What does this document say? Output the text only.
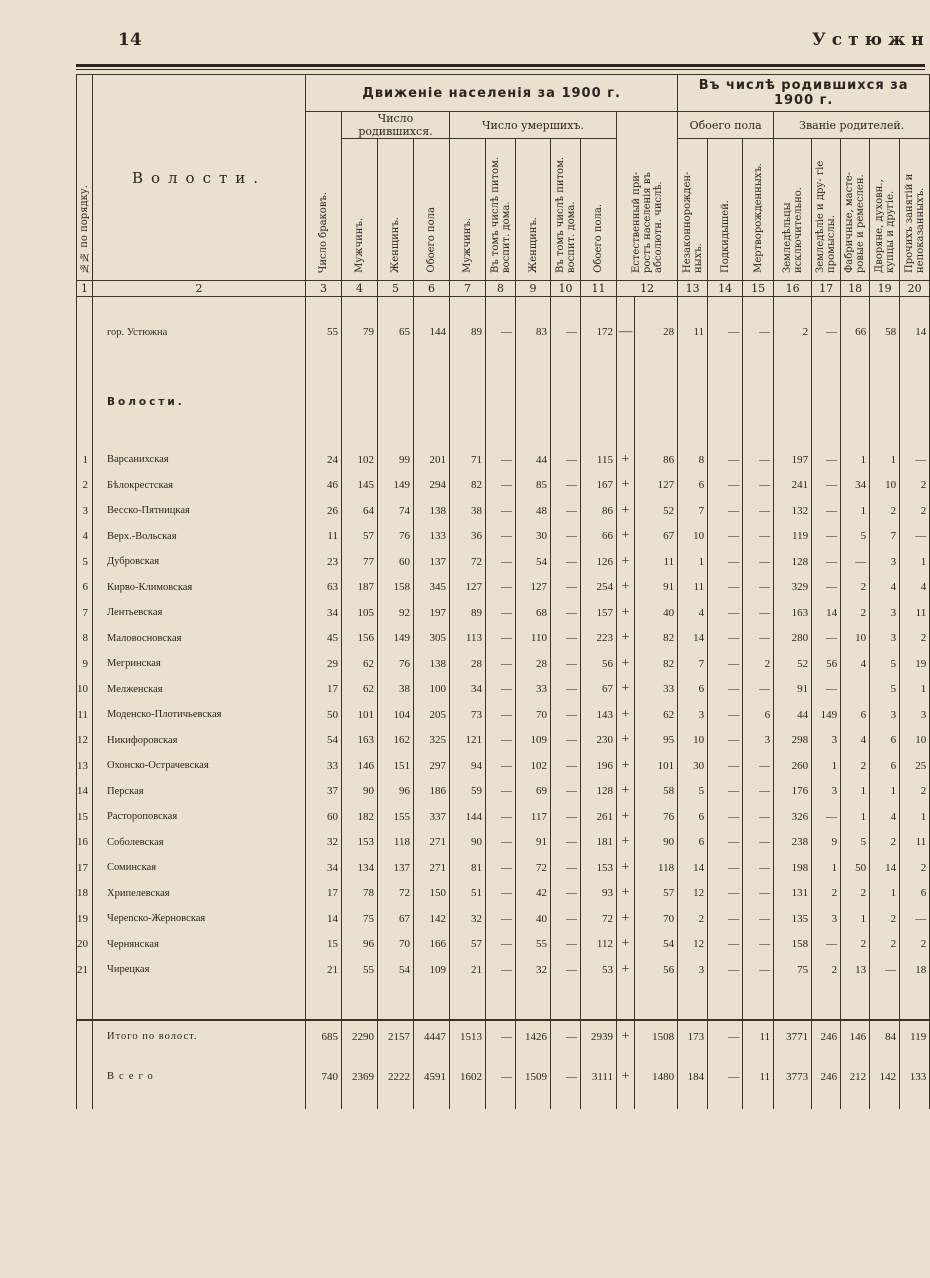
14	Устюжн
№№ по порядку.	Волости.	Движеніе населенія за 1900 г.											Въ числѣ родившихся за 1900 г.							
		Число браковъ.	Число родившихся.			Число умершихъ.					Естественный при- ростъ населенія въ абсолютн. числѣ.		Обоего пола			Званіе родителей.				
			Мужчинъ.	Женщинъ.	Обоего пола	Мужчинъ.	Въ томъ числѣ питом. воспит. дома.	Женщинъ.	Въ томъ числѣ питом. воспит. дома.	Обоего пола.			Незаконнорожден- ныхъ.	Подкидышей.	Мертворожденныхъ.	Земледѣльцы исключительно.	Земледѣліе и дру- гіе промыслы.	Фабричные, масте- ровые и ремеслен.	Дворяне, духовн., купцы и другіе.	Прочихъ занятій и непоказанныхъ.
1	2	3	4	5	6	7	8	9	10	11	12		13	14	15	16	17	18	19	20

	гор. Устюжна	55	79	65	144	89	—	83	—	172	—	28	11	—	—	2	—	66	58	14
	Волости.																			
1	Варсанихская	24	102	99	201	71	—	44	—	115	+	86	8	—	—	197	—	1	1	—
2	Бѣлокрестская	46	145	149	294	82	—	85	—	167	+	127	6	—	—	241	—	34	10	2
3	Весско-Пятницкая	26	64	74	138	38	—	48	—	86	+	52	7	—	—	132	—	1	2	2
4	Верх.-Вольская	11	57	76	133	36	—	30	—	66	+	67	10	—	—	119	—	5	7	—
5	Дубровская	23	77	60	137	72	—	54	—	126	+	11	1	—	—	128	—	—	3	1
6	Кирво-Климовская	63	187	158	345	127	—	127	—	254	+	91	11	—	—	329	—	2	4	4
7	Лентьевская	34	105	92	197	89	—	68	—	157	+	40	4	—	—	163	14	2	3	11
8	Маловосновская	45	156	149	305	113	—	110	—	223	+	82	14	—	—	280	—	10	3	2
9	Мегринская	29	62	76	138	28	—	28	—	56	+	82	7	—	2	52	56	4	5	19
10	Мелженская	17	62	38	100	34	—	33	—	67	+	33	6	—	—	91	—		5	1
11	Моденско-Плотичьевская	50	101	104	205	73	—	70	—	143	+	62	3	—	6	44	149	6	3	3
12	Никифоровская	54	163	162	325	121	—	109	—	230	+	95	10	—	3	298	3	4	6	10
13	Охонско-Острачевская	33	146	151	297	94	—	102	—	196	+	101	30	—	—	260	1	2	6	25
14	Перская	37	90	96	186	59	—	69	—	128	+	58	5	—	—	176	3	1	1	2
15	Растороповская	60	182	155	337	144	—	117	—	261	+	76	6	—	—	326	—	1	4	1
16	Соболевская	32	153	118	271	90	—	91	—	181	+	90	6	—	—	238	9	5	2	11
17	Соминская	34	134	137	271	81	—	72	—	153	+	118	14	—	—	198	1	50	14	2
18	Хрипелевская	17	78	72	150	51	—	42	—	93	+	57	12	—	—	131	2	2	1	6
19	Череnско-Жерновская	14	75	67	142	32	—	40	—	72	+	70	2	—	—	135	3	1	2	—
20	Чернянская	15	96	70	166	57	—	55	—	112	+	54	12	—	—	158	—	2	2	2
21	Чирецкая	21	55	54	109	21	—	32	—	53	+	56	3	—	—	75	2	13	—	18

	Итого по волост.	685	2290	2157	4447	1513	—	1426	—	2939	+	1508	173	—	11	3771	246	146	84	119
	Всего	740	2369	2222	4591	1602	—	1509	—	3111	+	1480	184	—	11	3773	246	212	142	133
